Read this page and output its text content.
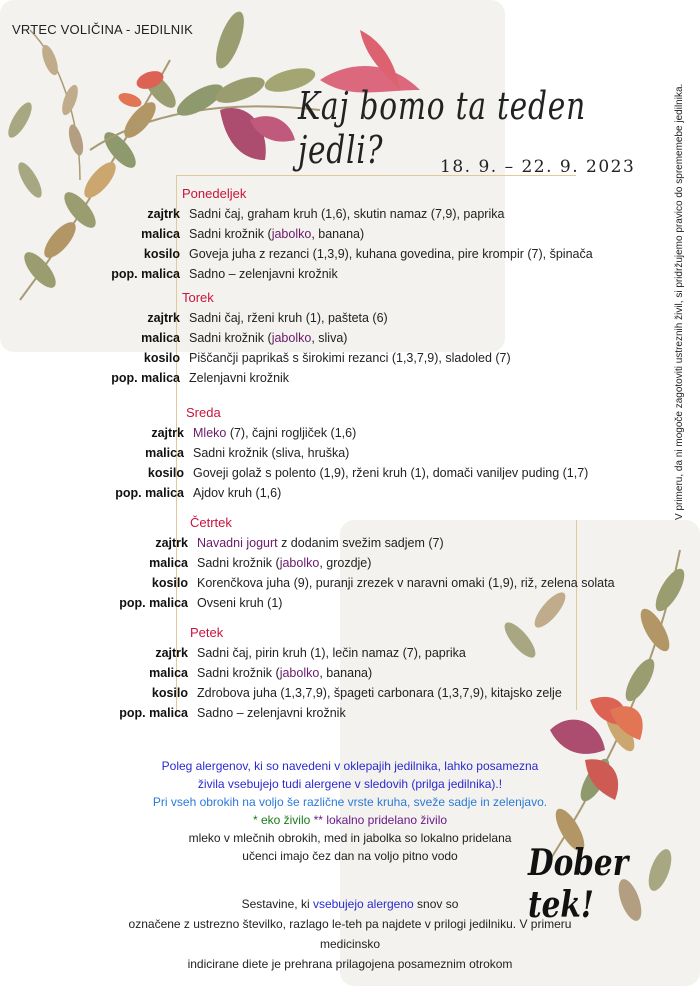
VRTEC VOLIČINA - JEDILNIK
Kaj bomo ta teden jedli?	18. 9. – 22. 9. 2023	V primeru, da ni mogoče zagotoviti ustreznih živil, si pridržujemo pravico do sprememebe jedilnika.
Ponedeljek
zajtrk Sadni čaj, graham kruh (1,6), skutin namaz (7,9), paprika
malica Sadni krožnik (jabolko, banana)
kosilo Goveja juha z rezanci (1,3,9), kuhana govedina, pire krompir (7), špinača
pop. malica Sadno – zelenjavni krožnik
Torek
zajtrk Sadni čaj, rženi kruh (1), pašteta (6)
malica Sadni krožnik (jabolko, sliva)
kosilo Piščančji paprikaš s širokimi rezanci (1,3,7,9), sladoled (7)
pop. malica Zelenjavni krožnik
Sreda
zajtrk Mleko (7), čajni rogljiček (1,6)
malica Sadni krožnik (sliva, hruška)
kosilo Goveji golaž s polento (1,9), rženi kruh (1), domači vaniljev puding (1,7)
pop. malica Ajdov kruh (1,6)
Četrtek
zajtrk Navadni jogurt z dodanim svežim sadjem (7)
malica Sadni krožnik (jabolko, grozdje)
kosilo Korenčkova juha (9), puranji zrezek v naravni omaki (1,9), riž, zelena solata
pop. malica Ovseni kruh (1)
Petek
zajtrk Sadni čaj, pirin kruh (1), lečin namaz (7), paprika
malica Sadni krožnik (jabolko, banana)
kosilo Zdrobova juha (1,3,7,9), špageti carbonara (1,3,7,9), kitajsko zelje
pop. malica Sadno – zelenjavni krožnik
Poleg alergenov, ki so navedeni v oklepajih jedilnika, lahko posamezna
živila vsebujejo tudi alergene v sledovih (prilga jedilnika).!
Pri vseh obrokih na voljo še različne vrste kruha, sveže sadje in zelenjavo.
* eko živilo ** lokalno pridelano živilo
mleko v mlečnih obrokih, med in jabolka so lokalno pridelana
učenci imajo čez dan na voljo pitno vodo	Dober tek!
Sestavine, ki vsebujejo alergeno snov so
označene z ustrezno številko, razlago le-teh pa najdete v prilogi jedilniku. V primeru medicinsko
indicirane diete je prehrana prilagojena posameznim otrokom
